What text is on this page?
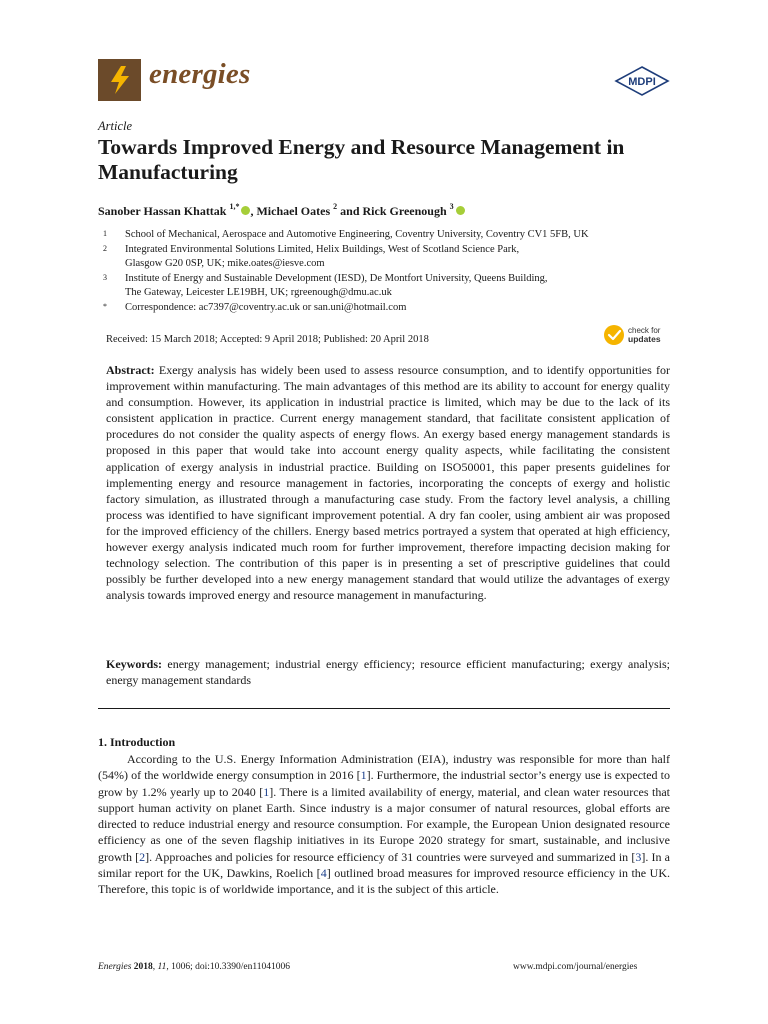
energies	MDPI
Article
Towards Improved Energy and Resource Management in Manufacturing
Sanober Hassan Khattak $^{1,*}$ , Michael Oates $^2$ and Rick Greenough $^3$
1	School of Mechanical, Aerospace and Automotive Engineering, Coventry University, Coventry CV1 5FB, UK
2	Integrated Environmental Solutions Limited, Helix Buildings, West of Scotland Science Park,
Glasgow G20 0SP, UK; mike.oates@iesve.com
3	Institute of Energy and Sustainable Development (IESD), De Montfort University, Queens Building,
The Gateway, Leicester LE19BH, UK; rgreenough@dmu.ac.uk
*	Correspondence: ac7397@coventry.ac.uk or san.uni@hotmail.com
Received: 15 March 2018; Accepted: 9 April 2018; Published: 20 April 2018
check for
updates
Abstract: Exergy analysis has widely been used to assess resource consumption, and to identify opportunities for improvement within manufacturing. The main advantages of this method are its ability to account for energy quality and consumption. However, its application in industrial practice is limited, which may be due to the lack of its consistent application in practice. Current energy management standard, that facilitate consistent application of procedures do not consider the quality aspects of energy flows. An exergy based energy management standards is proposed in this paper that would take into account energy quality aspects, while facilitating the consistent application of exergy analysis in industrial practice. Building on ISO50001, this paper presents guidelines for implementing energy and resource management in factories, incorporating the concepts of exergy and holistic factory simulation, as illustrated through a manufacturing case study. From the factory level analysis, a chilling process was identified to have significant improvement potential. A dry fan cooler, using ambient air was proposed for the improved efficiency of the chillers. Energy based metrics portrayed a system that operated at high efficiency, however exergy analysis indicated much room for further improvement, therefore impacting decision making for technology selection. The contribution of this paper is in presenting a set of prescriptive guidelines that could possibly be further developed into a new energy management standard that would utilize the advantages of exergy analysis towards improved energy and resource management in manufacturing.
Keywords: energy management; industrial energy efficiency; resource efficient manufacturing; exergy analysis; energy management standards
1. Introduction
According to the U.S. Energy Information Administration (EIA), industry was responsible for more than half (54%) of the worldwide energy consumption in 2016 [1]. Furthermore, the industrial sector’s energy use is expected to grow by 1.2% yearly up to 2040 [1]. There is a limited availability of energy, material, and clean water resources that support human activity on planet Earth. Since industry is a major consumer of natural resources, global efforts are directed to reduce industrial energy and resource consumption. For example, the European Union designated resource efficiency as one of the seven flagship initiatives in its Europe 2020 strategy for smart, sustainable, and inclusive growth [2]. Approaches and policies for resource efficiency of 31 countries were surveyed and summarized in [3]. In a similar report for the UK, Dawkins, Roelich [4] outlined broad measures for improved resource efficiency in the UK. Therefore, this topic is of worldwide importance, and it is the subject of this article.
Energies 2018, 11, 1006; doi:10.3390/en11041006	www.mdpi.com/journal/energies
